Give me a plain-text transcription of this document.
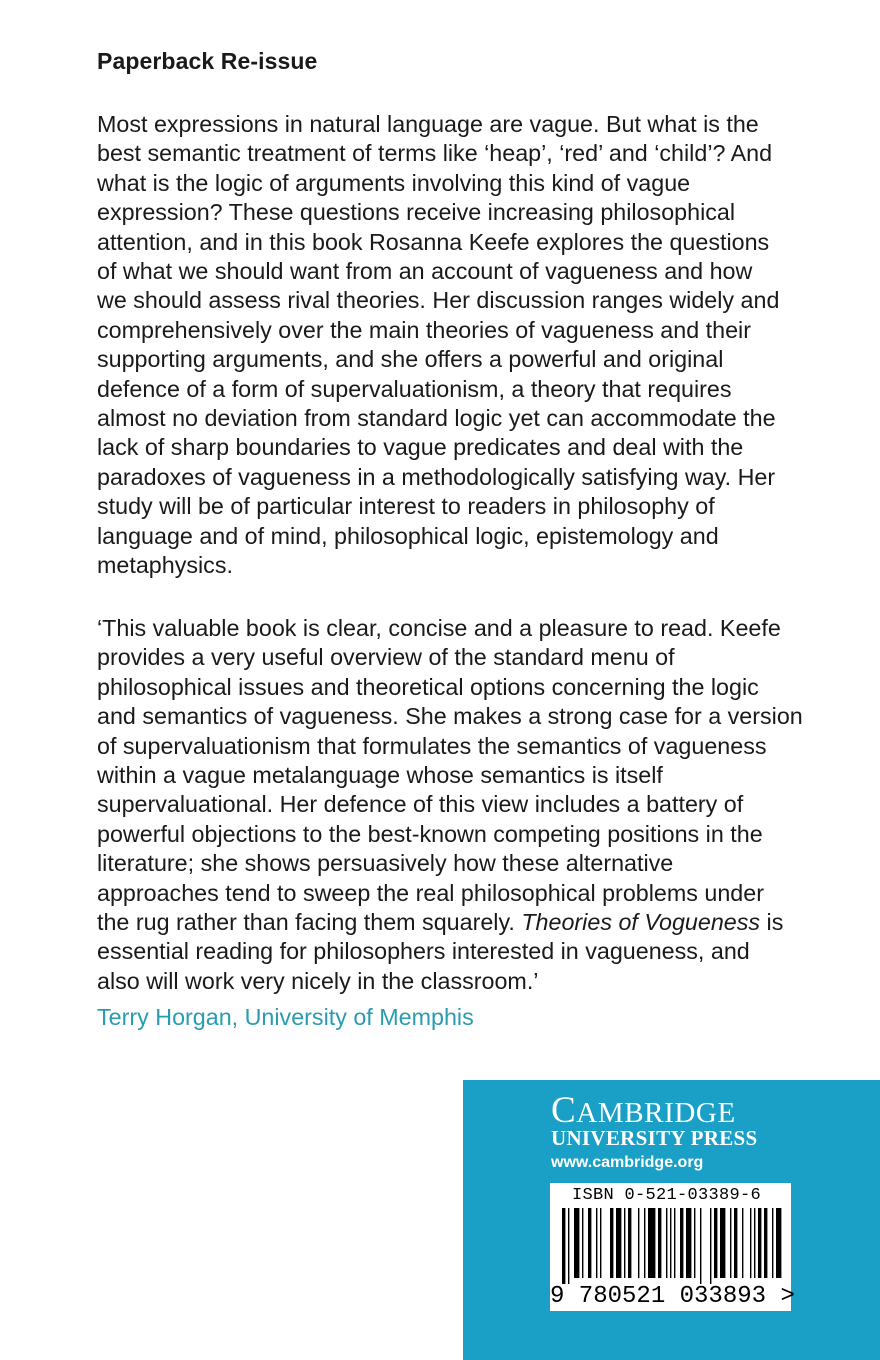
Paperback Re-issue

Most expressions in natural language are vague. But what is the
best semantic treatment of terms like ‘heap’, ‘red’ and ‘child’? And
what is the logic of arguments involving this kind of vague
expression? These questions receive increasing philosophical
attention, and in this book Rosanna Keefe explores the questions
of what we should want from an account of vagueness and how
we should assess rival theories. Her discussion ranges widely and
comprehensively over the main theories of vagueness and their
supporting arguments, and she offers a powerful and original
defence of a form of supervaluationism, a theory that requires
almost no deviation from standard logic yet can accommodate the
lack of sharp boundaries to vague predicates and deal with the
paradoxes of vagueness in a methodologically satisfying way. Her
study will be of particular interest to readers in philosophy of
language and of mind, philosophical logic, epistemology and
metaphysics.

‘This valuable book is clear, concise and a pleasure to read. Keefe
provides a very useful overview of the standard menu of
philosophical issues and theoretical options concerning the logic
and semantics of vagueness. She makes a strong case for a version
of supervaluationism that formulates the semantics of vagueness
within a vague metalanguage whose semantics is itself
supervaluational. Her defence of this view includes a battery of
powerful objections to the best-known competing positions in the
literature; she shows persuasively how these alternative
approaches tend to sweep the real philosophical problems under
the rug rather than facing them squarely. Theories of Vogueness is
essential reading for philosophers interested in vagueness, and
also will work very nicely in the classroom.’

Terry Horgan, University of Memphis
CAMBRIDGE
UNIVERSITY PRESS
www.cambridge.org
ISBN 0-521-03389-6
9 780521 033893 >
